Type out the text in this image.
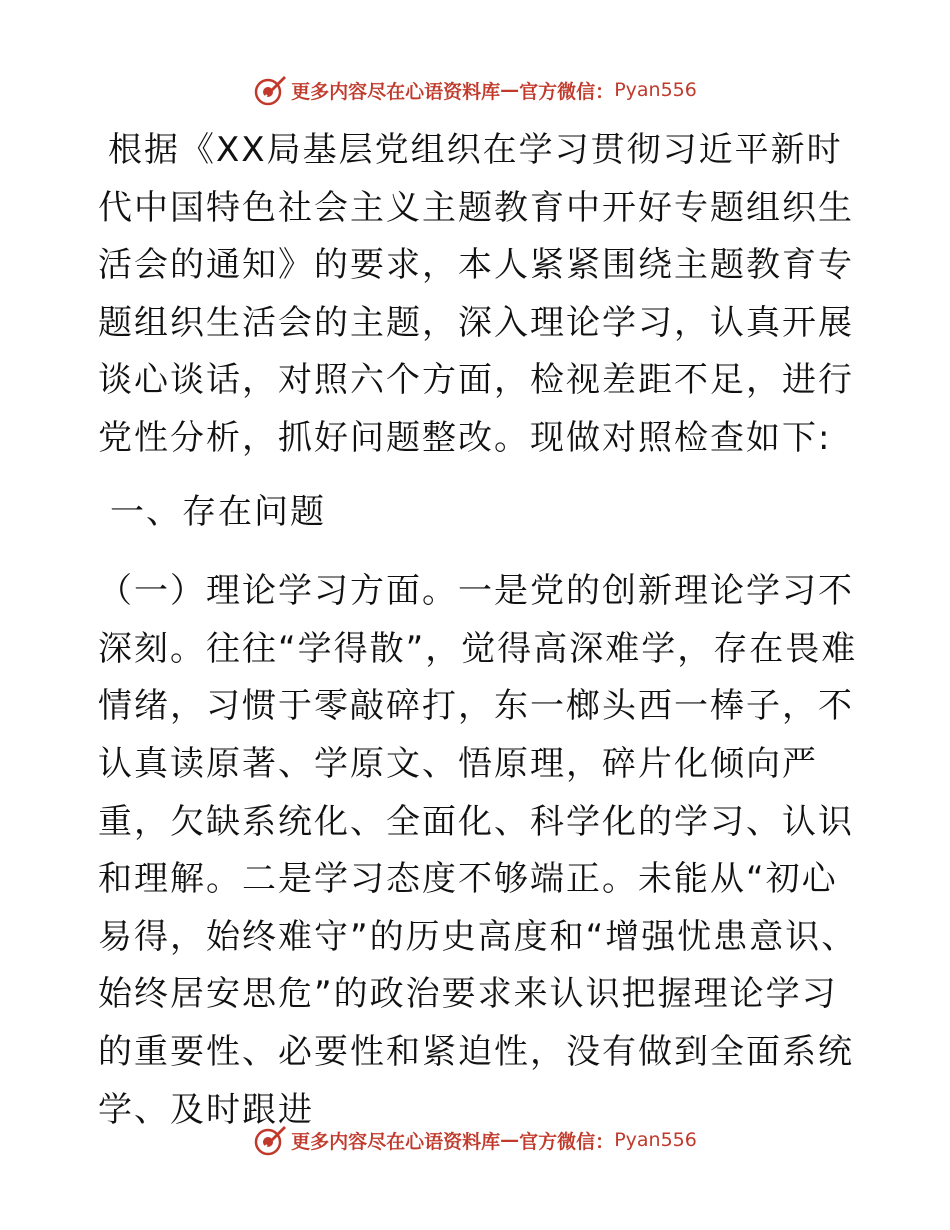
更多内容尽在心语资料库 — 官方微信： Pyan556

根据《XX局基层党组织在学习贯彻习近平新时代中国特色社会主义主题教育中开好专题组织生活会的通知》的要求，本人紧紧围绕主题教育专题组织生活会的主题，深入理论学习，认真开展谈心谈话，对照六个方面，检视差距不足，进行党性分析，抓好问题整改。现做对照检查如下:

一、存在问题

（一）理论学习方面。一是党的创新理论学习不深刻。往往“学得散”，觉得高深难学，存在畏难情绪，习惯于零敲碎打，东一榔头西一棒子，不认真读原著、学原文、悟原理，碎片化倾向严重，欠缺系统化、全面化、科学化的学习、认识和理解。二是学习态度不够端正。未能从“初心易得，始终难守”的历史高度和“增强忧患意识、始终居安思危”的政治要求来认识把握理论学习的重要性、必要性和紧迫性，没有做到全面系统学、及时跟进

更多内容尽在心语资料库 — 官方微信： Pyan556
